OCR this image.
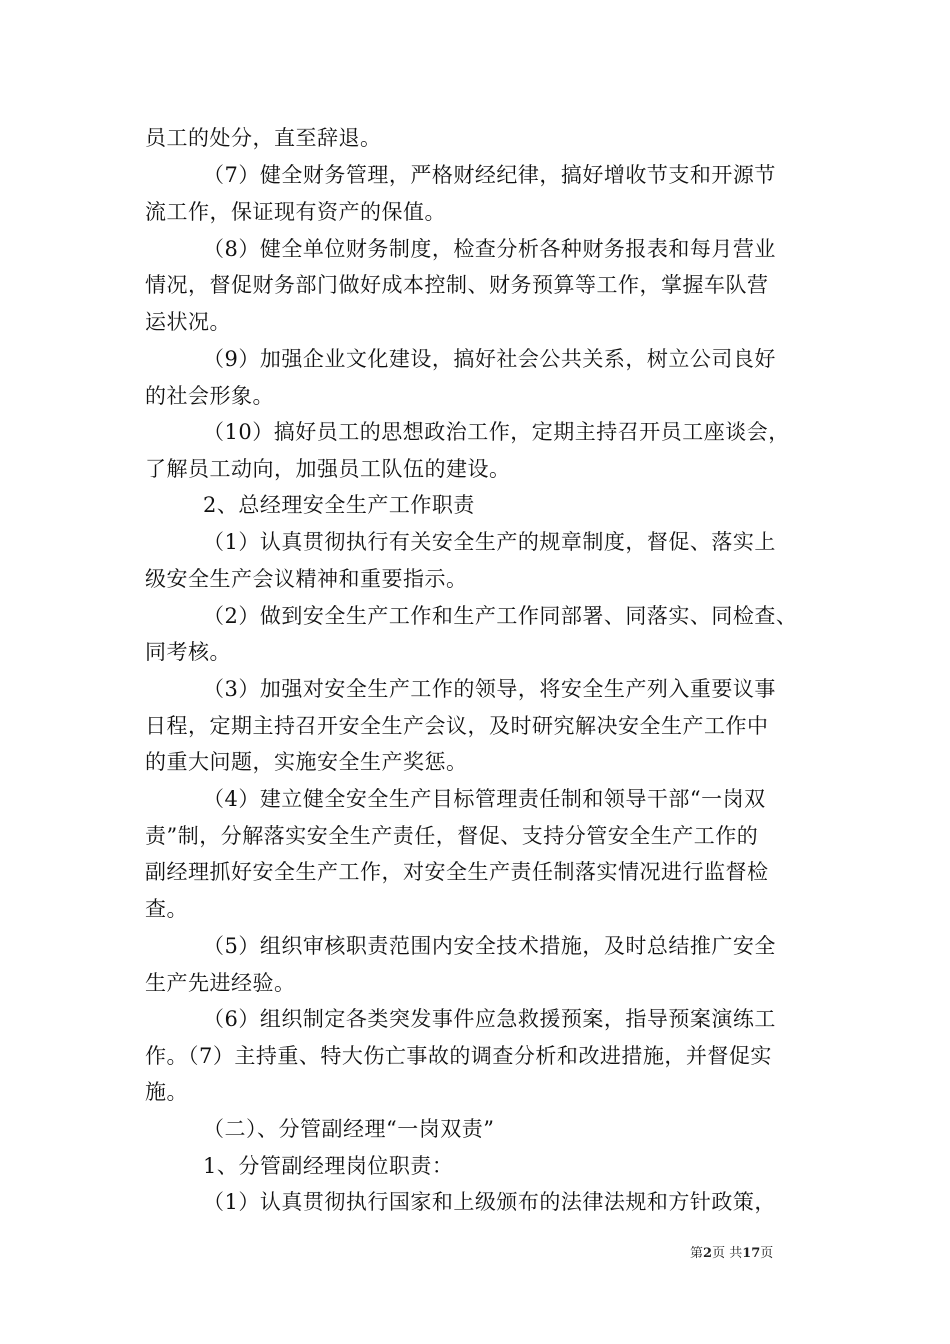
员工的处分，直至辞退。
（7）健全财务管理，严格财经纪律，搞好增收节支和开源节
流工作，保证现有资产的保值。
（8）健全单位财务制度，检查分析各种财务报表和每月营业
情况，督促财务部门做好成本控制、财务预算等工作，掌握车队营
运状况。
（9）加强企业文化建设，搞好社会公共关系，树立公司良好
的社会形象。
（10）搞好员工的思想政治工作，定期主持召开员工座谈会，
了解员工动向，加强员工队伍的建设。
2、总经理安全生产工作职责
（1）认真贯彻执行有关安全生产的规章制度，督促、落实上
级安全生产会议精神和重要指示。
（2）做到安全生产工作和生产工作同部署、同落实、同检查、
同考核。
（3）加强对安全生产工作的领导，将安全生产列入重要议事
日程，定期主持召开安全生产会议，及时研究解决安全生产工作中
的重大问题，实施安全生产奖惩。
（4）建立健全安全生产目标管理责任制和领导干部“一岗双
责”制，分解落实安全生产责任，督促、支持分管安全生产工作的
副经理抓好安全生产工作，对安全生产责任制落实情况进行监督检
查。
（5）组织审核职责范围内安全技术措施，及时总结推广安全
生产先进经验。
（6）组织制定各类突发事件应急救援预案，指导预案演练工
作。（7）主持重、特大伤亡事故的调查分析和改进措施，并督促实
施。
（二）、分管副经理“一岗双责”
1、分管副经理岗位职责：
（1）认真贯彻执行国家和上级颁布的法律法规和方针政策，
第2页 共17页
